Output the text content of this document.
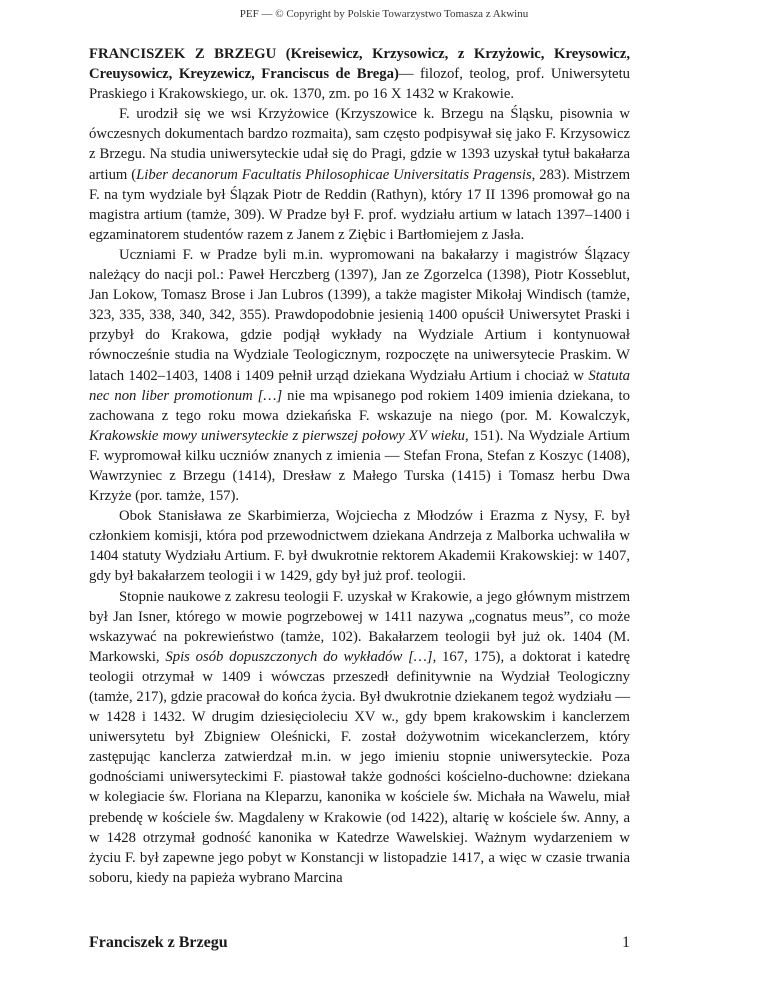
PEF — © Copyright by Polskie Towarzystwo Tomasza z Akwinu

FRANCISZEK Z BRZEGU (Kreisewicz, Krzysowicz, z Krzyżowic, Kreysowicz, Creuysowicz, Kreyzewicz, Franciscus de Brega)— filozof, teolog, prof. Uniwersytetu Praskiego i Krakowskiego, ur. ok. 1370, zm. po 16 X 1432 w Krakowie.

F. urodził się we wsi Krzyżowice (Krzyszowice k. Brzegu na Śląsku, pisownia w ówczesnych dokumentach bardzo rozmaita), sam często podpisywał się jako F. Krzysowicz z Brzegu. Na studia uniwersyteckie udał się do Pragi, gdzie w 1393 uzyskał tytuł bakałarza artium (Liber decanorum Facultatis Philosophicae Universitatis Pragensis, 283). Mistrzem F. na tym wydziale był Ślązak Piotr de Reddin (Rathyn), który 17 II 1396 promował go na magistra artium (tamże, 309). W Pradze był F. prof. wydziału artium w latach 1397–1400 i egzaminatorem studentów razem z Janem z Ziębic i Bartłomiejem z Jasła.

Uczniami F. w Pradze byli m.in. wypromowani na bakałarzy i magistrów Ślązacy należący do nacji pol.: Paweł Herczberg (1397), Jan ze Zgorzelca (1398), Piotr Kosseblut, Jan Lokow, Tomasz Brose i Jan Lubros (1399), a także magister Mikołaj Windisch (tamże, 323, 335, 338, 340, 342, 355). Prawdopodobnie jesienią 1400 opuścił Uniwersytet Praski i przybył do Krakowa, gdzie podjął wykłady na Wydziale Artium i kontynuował równocześnie studia na Wydziale Teologicznym, rozpoczęte na uniwersytecie Praskim. W latach 1402–1403, 1408 i 1409 pełnił urząd dziekana Wydziału Artium i chociaż w Statuta nec non liber promotionum […] nie ma wpisanego pod rokiem 1409 imienia dziekana, to zachowana z tego roku mowa dziekańska F. wskazuje na niego (por. M. Kowalczyk, Krakowskie mowy uniwersyteckie z pierwszej połowy XV wieku, 151). Na Wydziale Artium F. wypromował kilku uczniów znanych z imienia — Stefan Frona, Stefan z Koszyc (1408), Wawrzyniec z Brzegu (1414), Dresław z Małego Turska (1415) i Tomasz herbu Dwa Krzyże (por. tamże, 157).

Obok Stanisława ze Skarbimierza, Wojciecha z Młodzów i Erazma z Nysy, F. był członkiem komisji, która pod przewodnictwem dziekana Andrzeja z Malborka uchwaliła w 1404 statuty Wydziału Artium. F. był dwukrotnie rektorem Akademii Krakowskiej: w 1407, gdy był bakałarzem teologii i w 1429, gdy był już prof. teologii.

Stopnie naukowe z zakresu teologii F. uzyskał w Krakowie, a jego głównym mistrzem był Jan Isner, którego w mowie pogrzebowej w 1411 nazywa „cognatus meus”, co może wskazywać na pokrewieństwo (tamże, 102). Bakałarzem teologii był już ok. 1404 (M. Markowski, Spis osób dopuszczonych do wykładów […], 167, 175), a doktorat i katedrę teologii otrzymał w 1409 i wówczas przeszedł definitywnie na Wydział Teologiczny (tamże, 217), gdzie pracował do końca życia. Był dwukrotnie dziekanem tegoż wydziału — w 1428 i 1432. W drugim dziesięcioleciu XV w., gdy bpem krakowskim i kanclerzem uniwersytetu był Zbigniew Oleśnicki, F. został dożywotnim wicekanclerzem, który zastępując kanclerza zatwierdzał m.in. w jego imieniu stopnie uniwersyteckie. Poza godnościami uniwersyteckimi F. piastował także godności kościelno-duchowne: dziekana w kolegiacie św. Floriana na Kleparzu, kanonika w kościele św. Michała na Wawelu, miał prebendę w kościele św. Magdaleny w Krakowie (od 1422), altarię w kościele św. Anny, a w 1428 otrzymał godność kanonika w Katedrze Wawelskiej. Ważnym wydarzeniem w życiu F. był zapewne jego pobyt w Konstancji w listopadzie 1417, a więc w czasie trwania soboru, kiedy na papieża wybrano Marcina

Franciszek z Brzegu	1
